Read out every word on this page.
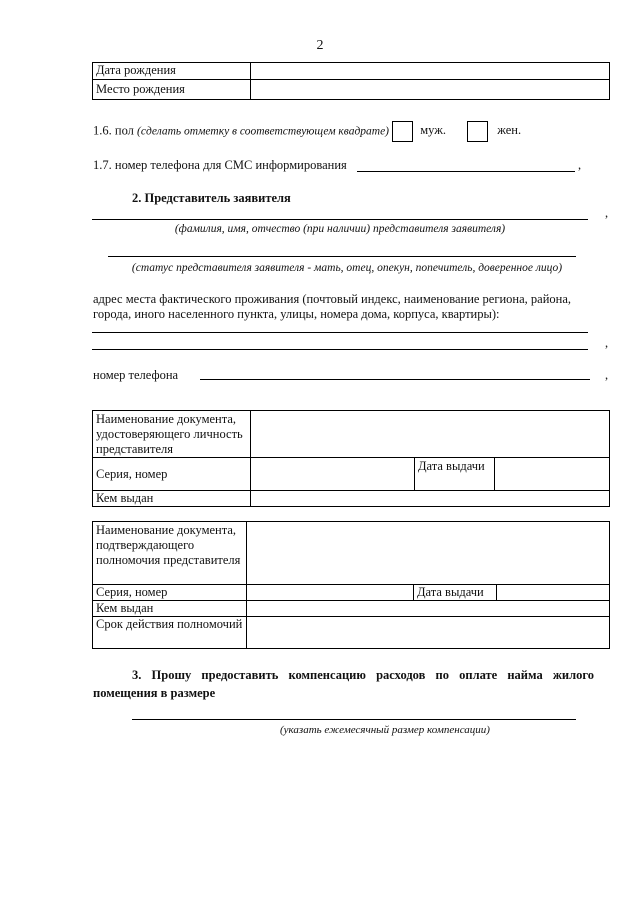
2
Дата рождения	
Место рождения	
1.6. пол (сделать отметку в соответствующем квадрате)	муж.	жен.
1.7. номер телефона для СМС информирования	,
2. Представитель заявителя
,
(фамилия, имя, отчество (при наличии) представителя заявителя)
(статус представителя заявителя - мать, отец, опекун, попечитель, доверенное лицо)
адрес места фактического проживания (почтовый индекс, наименование региона, района,
города, иного населенного пункта, улицы, номера дома, корпуса, квартиры):
,
номер телефона	,
Наименование документа, удостоверяющего личность представителя			
Серия, номер		Дата выдачи	
Кем выдан			
Наименование документа, подтверждающего полномочия представителя			
Серия, номер		Дата выдачи	
Кем выдан			
Срок действия полномочий			
3. Прошу предоставить компенсацию расходов по оплате найма жилого
помещения в размере
(указать ежемесячный размер компенсации)
